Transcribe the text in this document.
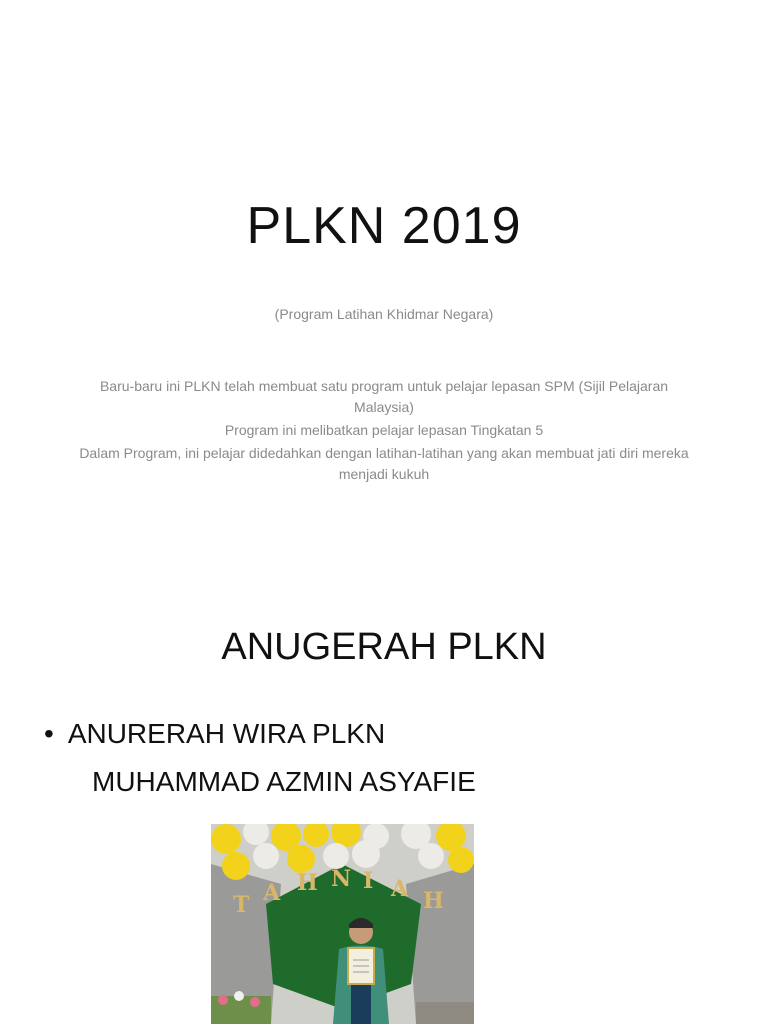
PLKN 2019
(Program Latihan Khidmar Negara)

Baru-baru ini PLKN telah membuat satu program untuk pelajar lepasan SPM (Sijil Pelajaran Malaysia)

Program ini melibatkan pelajar lepasan Tingkatan 5

Dalam Program, ini pelajar didedahkan dengan latihan-latihan yang akan membuat jati diri mereka menjadi kukuh

ANUGERAH PLKN
• ANURERAH WIRA PLKN
MUHAMMAD AZMIN ASYAFIE
T A H N I A H
